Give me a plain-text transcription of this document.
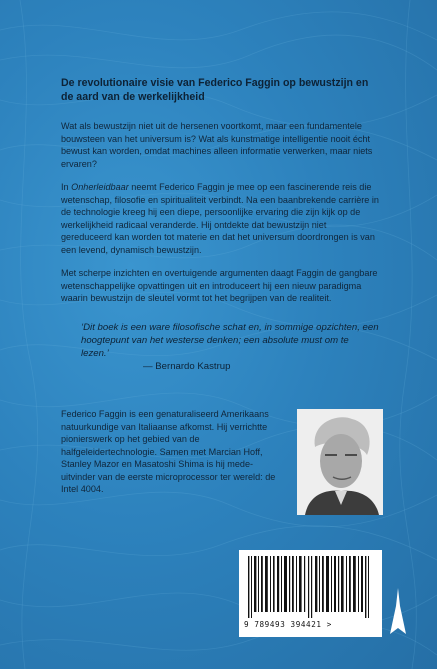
De revolutionaire visie van Federico Faggin op bewustzijn en de aard van de werkelijkheid

Wat als bewustzijn niet uit de hersenen voortkomt, maar een fundamentele bouwsteen van het universum is? Wat als kunstmatige intelligentie nooit écht bewust kan worden, omdat machines alleen informatie verwerken, maar niets ervaren?

In Onherleidbaar neemt Federico Faggin je mee op een fascinerende reis die wetenschap, filosofie en spiritualiteit verbindt. Na een baanbrekende carrière in de technologie kreeg hij een diepe, persoonlijke ervaring die zijn kijk op de werkelijkheid radicaal veranderde. Hij ontdekte dat bewustzijn niet gereduceerd kan worden tot materie en dat het universum doordrongen is van een levend, dynamisch bewustzijn.

Met scherpe inzichten en overtuigende argumenten daagt Faggin de gangbare wetenschappelijke opvattingen uit en introduceert hij een nieuw paradigma waarin bewustzijn de sleutel vormt tot het begrijpen van de realiteit.

‘Dit boek is een ware filosofische schat en, in sommige opzichten, een hoogtepunt van het westerse denken; een absolute must om te lezen.’
— Bernardo Kastrup

Federico Faggin is een genaturaliseerd Amerikaans natuurkundige van Italiaanse afkomst. Hij verrichtte pionierswerk op het gebied van de halfgeleidertechnologie. Samen met Marcian Hoff, Stanley Mazor en Masatoshi Shima is hij mede-uitvinder van de eerste microprocessor ter wereld: de Intel 4004.

9 789493 394421 >
